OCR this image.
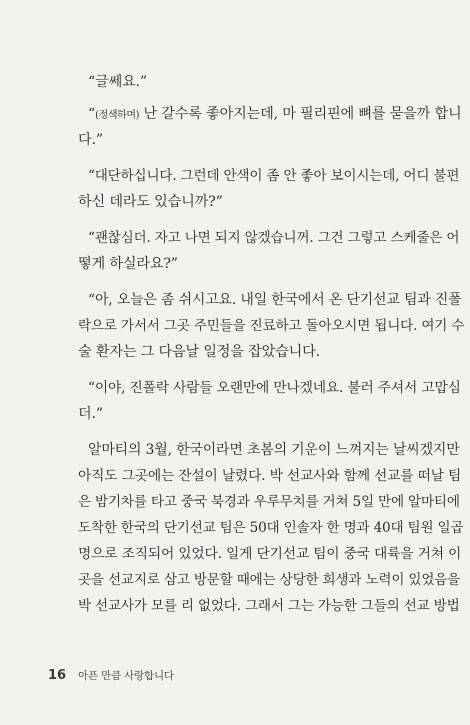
“글쎄요.”
“(정색하며) 난 갈수록 좋아지는데, 마 필리핀에 뼈를 묻을까 합니
다.”
“대단하십니다. 그런데 안색이 좀 안 좋아 보이시는데, 어디 불편
하신 데라도 있습니까?”
“괜찮심더. 자고 나면 되지 않겠습니꺼. 그건 그렇고 스케줄은 어
떻게 하실라요?”
“아, 오늘은 좀 쉬시고요. 내일 한국에서 온 단기선교 팀과 진폴
락으로 가서서 그곳 주민들을 진료하고 돌아오시면 됩니다. 여기 수
술 환자는 그 다음날 일정을 잡았습니다.
“이야, 진폴락 사람들 오랜만에 만나겠네요. 불러 주셔서 고맙심
더.”
알마티의 3월, 한국이라면 초봄의 기운이 느껴지는 날씨겠지만
아직도 그곳에는 잔설이 날렸다. 박 선교사와 함께 선교를 떠날 팀
은 밤기차를 타고 중국 북경과 우루무치를 거쳐 5일 만에 알마티에
도착한 한국의 단기선교 팀은 50대 인솔자 한 명과 40대 팀원 일곱
명으로 조직되어 있었다. 일게 단기선교 팀이 중국 대륙을 거쳐 이
곳을 선교지로 삼고 방문할 때에는 상당한 희생과 노력이 있었음을
박 선교사가 모를 리 없었다. 그래서 그는 가능한 그들의 선교 방법
16 아픈 만큼 사랑합니다
